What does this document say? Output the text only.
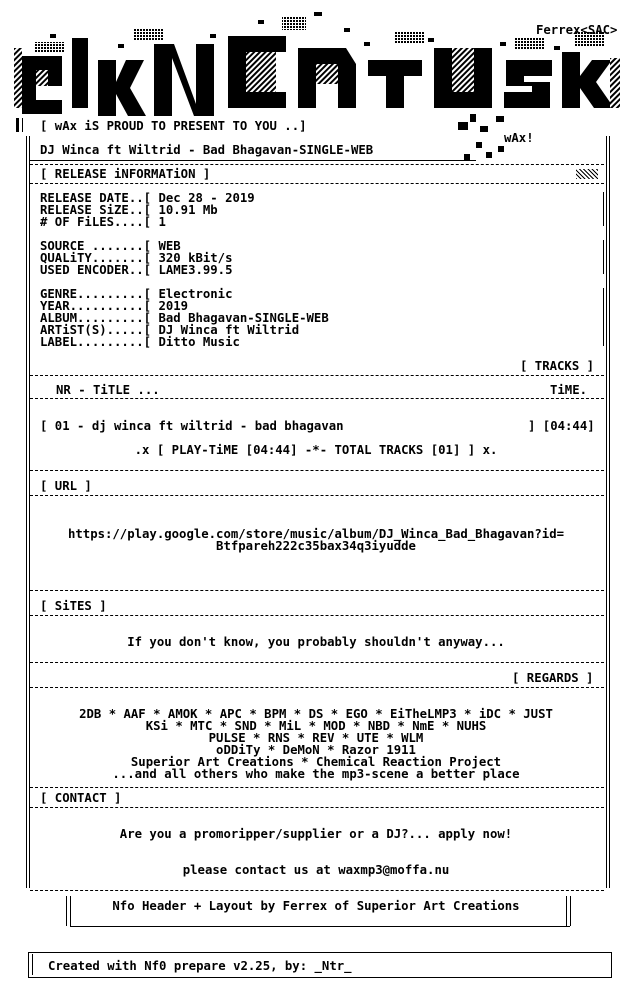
Ferrex<SAC>
wAx!
[ wAx iS PROUD TO PRESENT TO YOU ..]
DJ Winca ft Wiltrid - Bad Bhagavan-SINGLE-WEB
[ RELEASE iNFORMATiON ]
RELEASE DATE..[ Dec 28 - 2019
RELEASE SiZE..[ 10.91 Mb
# OF FiLES....[ 1
SOURCE .......[ WEB
QUALiTY.......[ 320 kBit/s
USED ENCODER..[ LAME3.99.5
GENRE.........[ Electronic
YEAR..........[ 2019
ALBUM.........[ Bad Bhagavan-SINGLE-WEB
ARTiST(S).....[ DJ Winca ft Wiltrid
LABEL.........[ Ditto Music
[ TRACKS ]
NR - TiTLE ...	TiME.
[ 01 - dj winca ft wiltrid - bad bhagavan	] [04:44]
.x [ PLAY-TiME [04:44] -*- TOTAL TRACKS [01] ] x.
[ URL ]
https://play.google.com/store/music/album/DJ_Winca_Bad_Bhagavan?id=
Btfpareh222c35bax34q3iyudde
[ SiTES ]
If you don't know, you probably shouldn't anyway...
[ REGARDS ]
2DB * AAF * AMOK * APC * BPM * DS * EGO * EiTheLMP3 * iDC * JUST
KSi * MTC * SND * MiL * MOD * NBD * NmE * NUHS
PULSE * RNS * REV * UTE * WLM
oDDiTy * DeMoN * Razor 1911
Superior Art Creations * Chemical Reaction Project
...and all others who make the mp3-scene a better place
[ CONTACT ]
Are you a promoripper/supplier or a DJ?... apply now!
please contact us at waxmp3@moffa.nu
Nfo Header + Layout by Ferrex of Superior Art Creations
Created with Nf0 prepare v2.25, by: _Ntr_
